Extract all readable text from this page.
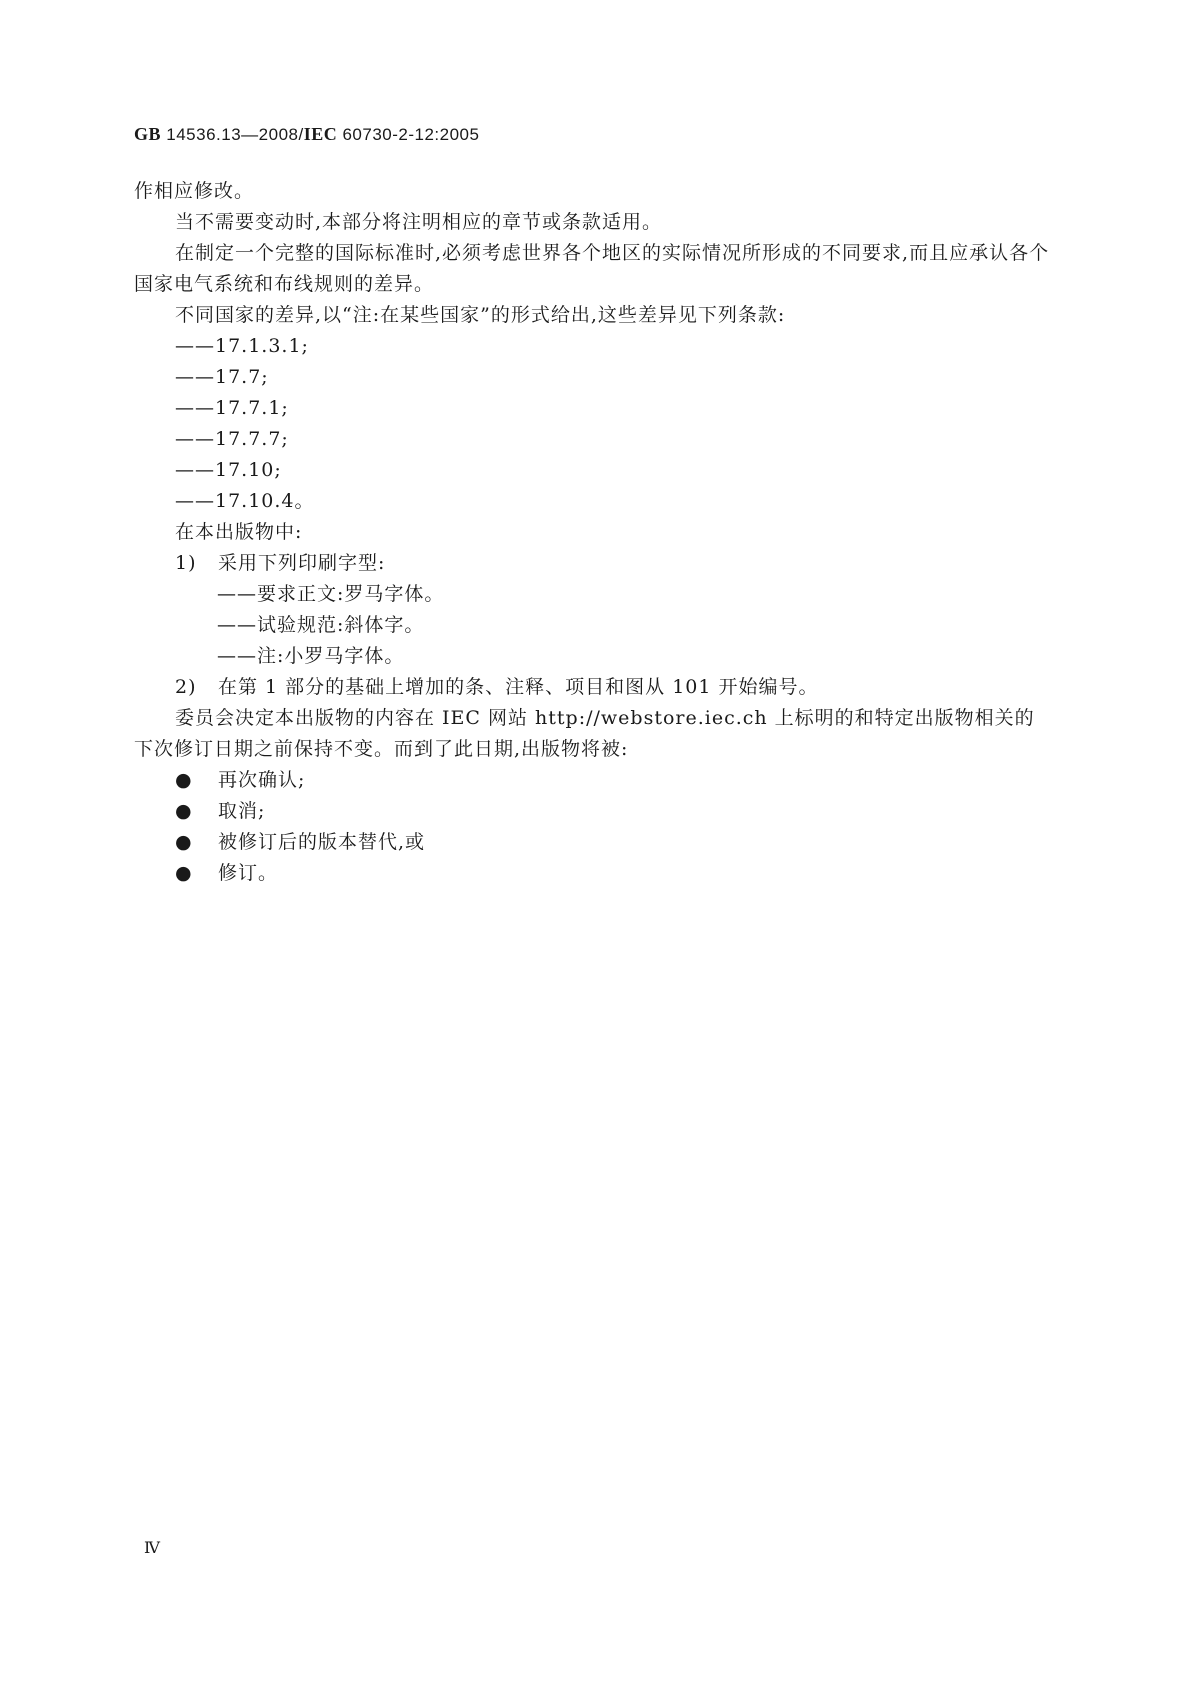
GB 14536.13—2008/IEC 60730-2-12:2005

作相应修改。

当不需要变动时,本部分将注明相应的章节或条款适用。

在制定一个完整的国际标准时,必须考虑世界各个地区的实际情况所形成的不同要求,而且应承认各个国家电气系统和布线规则的差异。

不同国家的差异,以“注:在某些国家”的形式给出,这些差异见下列条款:

——17.1.3.1;

——17.7;

——17.7.1;

——17.7.7;

——17.10;

——17.10.4。

在本出版物中:

1) 采用下列印刷字型:

——要求正文:罗马字体。

——试验规范:斜体字。

——注:小罗马字体。

2) 在第 1 部分的基础上增加的条、注释、项目和图从 101 开始编号。

委员会决定本出版物的内容在 IEC 网站 http://webstore.iec.ch 上标明的和特定出版物相关的下次修订日期之前保持不变。而到了此日期,出版物将被:

● 再次确认;

● 取消;

● 被修订后的版本替代,或

● 修订。

Ⅳ
